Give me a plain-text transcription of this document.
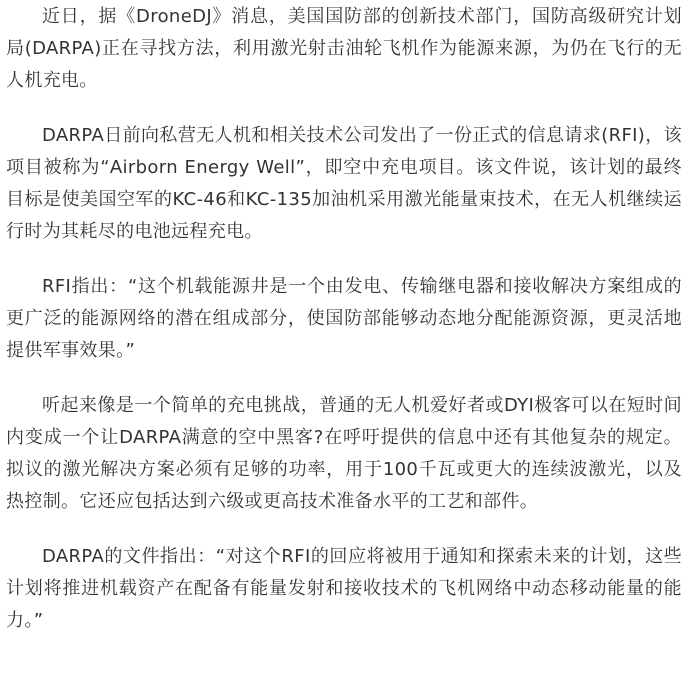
近日，据《DroneDJ》消息，美国国防部的创新技术部门，国防高级研究计划局(DARPA)正在寻找方法，利用激光射击油轮飞机作为能源来源，为仍在飞行的无人机充电。

DARPA日前向私营无人机和相关技术公司发出了一份正式的信息请求(RFI)，该项目被称为“Airborn Energy Well”，即空中充电项目。该文件说，该计划的最终目标是使美国空军的KC-46和KC-135加油机采用激光能量束技术，在无人机继续运行时为其耗尽的电池远程充电。

RFI指出：“这个机载能源井是一个由发电、传输继电器和接收解决方案组成的更广泛的能源网络的潜在组成部分，使国防部能够动态地分配能源资源，更灵活地提供军事效果。”

听起来像是一个简单的充电挑战，普通的无人机爱好者或DYI极客可以在短时间内变成一个让DARPA满意的空中黑客?在呼吁提供的信息中还有其他复杂的规定。拟议的激光解决方案必须有足够的功率，用于100千瓦或更大的连续波激光，以及热控制。它还应包括达到六级或更高技术准备水平的工艺和部件。

DARPA的文件指出：“对这个RFI的回应将被用于通知和探索未来的计划，这些计划将推进机载资产在配备有能量发射和接收技术的飞机网络中动态移动能量的能力。”
